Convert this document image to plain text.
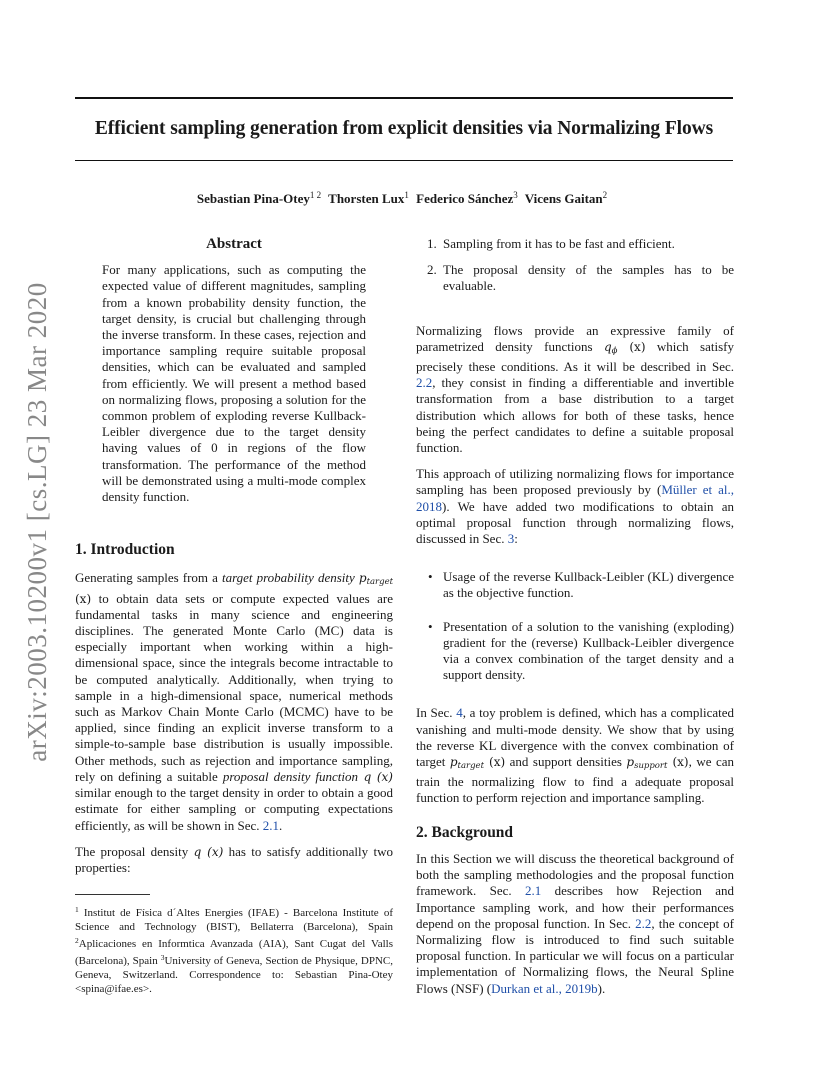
arXiv:2003.10200v1 [cs.LG] 23 Mar 2020
Efficient sampling generation from explicit densities via Normalizing Flows
Sebastian Pina-Otey$^{1 2}$ Thorsten Lux$^1$ Federico Sánchez$^3$ Vicens Gaitan$^2$
Abstract

For many applications, such as computing the expected value of different magnitudes, sampling from a known probability density function, the target density, is crucial but challenging through the inverse transform. In these cases, rejection and importance sampling require suitable proposal densities, which can be evaluated and sampled from efficiently. We will present a method based on normalizing flows, proposing a solution for the common problem of exploding reverse Kullback-Leibler divergence due to the target density having values of 0 in regions of the flow transformation. The performance of the method will be demonstrated using a multi-mode complex density function.

1. Introduction

Generating samples from a target probability density $p_{target}$ (x) to obtain data sets or compute expected values are fundamental tasks in many science and engineering disciplines. The generated Monte Carlo (MC) data is especially important when working within a high-dimensional space, since the integrals become intractable to be computed analytically. Additionally, when trying to sample in a high-dimensional space, numerical methods such as Markov Chain Monte Carlo (MCMC) have to be applied, since finding an explicit inverse transform to a simple-to-sample base distribution is usually impossible. Other methods, such as rejection and importance sampling, rely on defining a suitable proposal density function q (x) similar enough to the target density in order to obtain a good estimate for either sampling or computing expectations efficiently, as will be shown in Sec. 2.1.

The proposal density q (x) has to satisfy additionally two properties:

$^1$ Institut de Física d´Altes Energies (IFAE) - Barcelona Institute of Science and Technology (BIST), Bellaterra (Barcelona), Spain $^2$Aplicaciones en Informtica Avanzada (AIA), Sant Cugat del Valls (Barcelona), Spain $^3$University of Geneva, Section de Physique, DPNC, Geneva, Switzerland. Correspondence to: Sebastian Pina-Otey <spina@ifae.es>.

1. Sampling from it has to be fast and efficient.
2. The proposal density of the samples has to be evaluable.

Normalizing flows provide an expressive family of parametrized density functions $q_\phi$ (x) which satisfy precisely these conditions. As it will be described in Sec. 2.2, they consist in finding a differentiable and invertible transformation from a base distribution to a target distribution which allows for both of these tasks, hence being the perfect candidates to define a suitable proposal function.

This approach of utilizing normalizing flows for importance sampling has been proposed previously by (Müller et al., 2018). We have added two modifications to obtain an optimal proposal function through normalizing flows, discussed in Sec. 3:

• Usage of the reverse Kullback-Leibler (KL) divergence as the objective function.
• Presentation of a solution to the vanishing (exploding) gradient for the (reverse) Kullback-Leibler divergence via a convex combination of the target density and a support density.

In Sec. 4, a toy problem is defined, which has a complicated vanishing and multi-mode density. We show that by using the reverse KL divergence with the convex combination of target $p_{target}$ (x) and support densities $p_{support}$ (x), we can train the normalizing flow to find a adequate proposal function to perform rejection and importance sampling.

2. Background

In this Section we will discuss the theoretical background of both the sampling methodologies and the proposal function framework. Sec. 2.1 describes how Rejection and Importance sampling work, and how their performances depend on the proposal function. In Sec. 2.2, the concept of Normalizing flow is introduced to find such suitable proposal function. In particular we will focus on a particular implementation of Normalizing flows, the Neural Spline Flows (NSF) (Durkan et al., 2019b).
